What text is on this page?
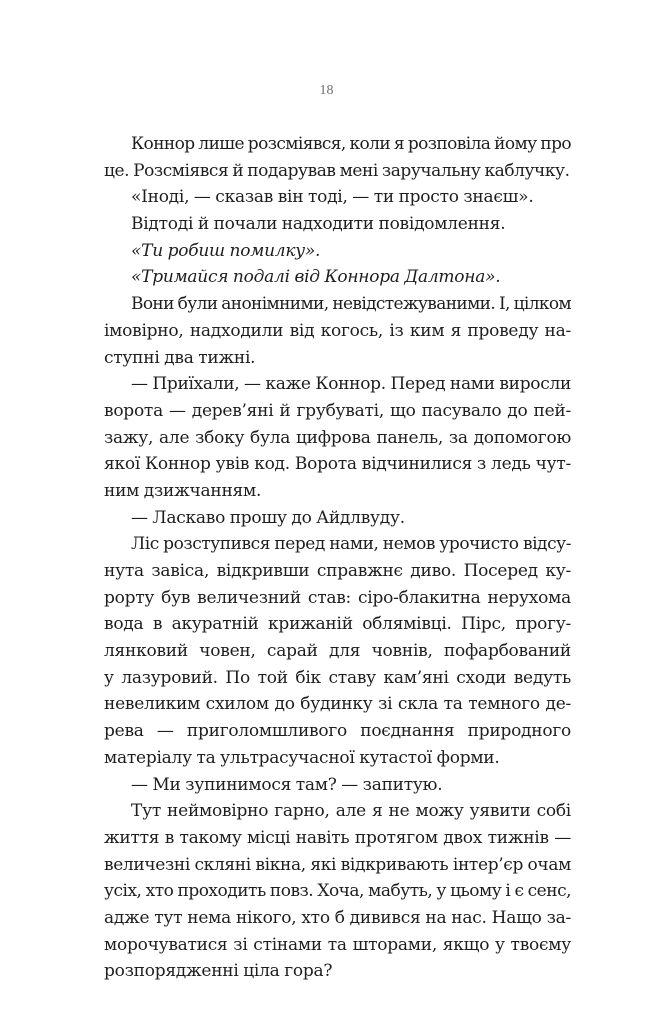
18
Коннор лише розсміявся, коли я розповіла йому про
це. Розсміявся й подарував мені заручальну каблучку.
«Іноді, — сказав він тоді, — ти просто знаєш».
Відтоді й почали надходити повідомлення.
«Ти робиш помилку».
«Тримайся подалі від Коннора Далтона».
Вони були анонімними, невідстежуваними. І, цілком
імовірно, надходили від когось, із ким я проведу на-
ступні два тижні.
— Приїхали, — каже Коннор. Перед нами виросли
ворота — дерев’яні й грубуваті, що пасувало до пей-
зажу, але збоку була цифрова панель, за допомогою
якої Коннор увів код. Ворота відчинилися з ледь чут-
ним дзижчанням.
— Ласкаво прошу до Айдлвуду.
Ліс розступився перед нами, немов урочисто відсу-
нута завіса, відкривши справжнє диво. Посеред ку-
рорту був величезний став: сіро-блакитна нерухома
вода в акуратній крижаній облямівці. Пірс, прогу-
лянковий човен, сарай для човнів, пофарбований
у лазуровий. По той бік ставу кам’яні сходи ведуть
невеликим схилом до будинку зі скла та темного де-
рева — приголомшливого поєднання природного
матеріалу та ультрасучасної кутастої форми.
— Ми зупинимося там? — запитую.
Тут неймовірно гарно, але я не можу уявити собі
життя в такому місці навіть протягом двох тижнів —
величезні скляні вікна, які відкривають інтер’єр очам
усіх, хто проходить повз. Хоча, мабуть, у цьому і є сенс,
адже тут нема нікого, хто б дивився на нас. Нащо за-
морочуватися зі стінами та шторами, якщо у твоєму
розпорядженні ціла гора?
